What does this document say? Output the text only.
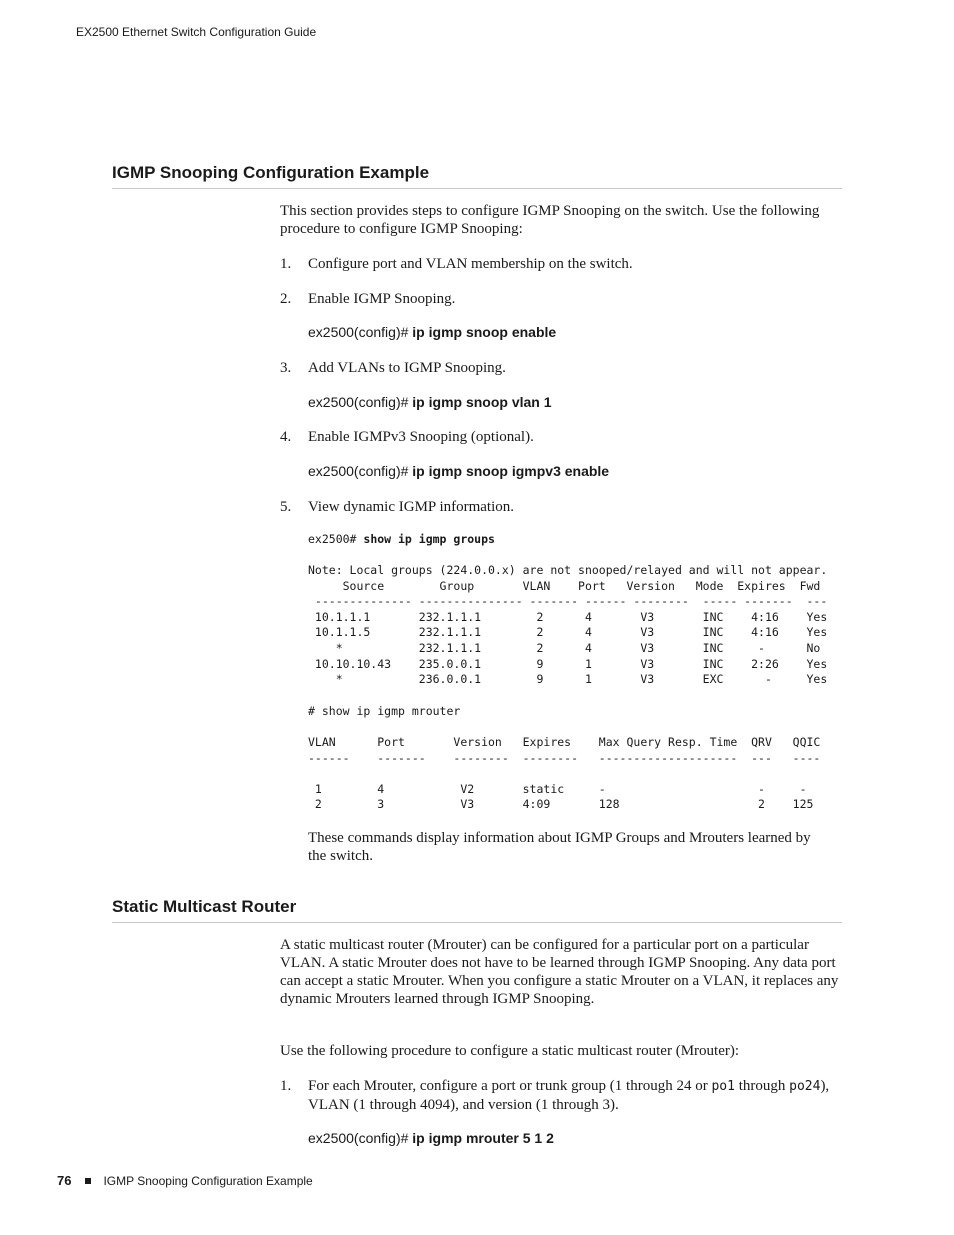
EX2500 Ethernet Switch Configuration Guide
IGMP Snooping Configuration Example

This section provides steps to configure IGMP Snooping on the switch. Use the following procedure to configure IGMP Snooping:

1. Configure port and VLAN membership on the switch.
2. Enable IGMP Snooping.
ex2500(config)# ip igmp snoop enable
3. Add VLANs to IGMP Snooping.
ex2500(config)# ip igmp snoop vlan 1
4. Enable IGMPv3 Snooping (optional).
ex2500(config)# ip igmp snoop igmpv3 enable
5. View dynamic IGMP information.
ex2500# show ip igmp groups
Note: Local groups (224.0.0.x) are not snooped/relayed and will not appear.
Source        Group       VLAN    Port   Version   Mode  Expires  Fwd
-------------- --------------- ------- ------ --------  ----- -------  ---
10.1.1.1       232.1.1.1        2      4       V3       INC    4:16    Yes
10.1.1.5       232.1.1.1        2      4       V3       INC    4:16    Yes
*           232.1.1.1        2      4       V3       INC     -      No
10.10.10.43    235.0.0.1        9      1       V3       INC    2:26    Yes
*           236.0.0.1        9      1       V3       EXC      -     Yes
# show ip igmp mrouter
VLAN      Port       Version   Expires    Max Query Resp. Time  QRV   QQIC
------    -------    --------  --------   --------------------  ---   ----

1        4           V2       static     -                      -     -
2        3           V3       4:09       128                    2    125

These commands display information about IGMP Groups and Mrouters learned by the switch.

Static Multicast Router

A static multicast router (Mrouter) can be configured for a particular port on a particular VLAN. A static Mrouter does not have to be learned through IGMP Snooping. Any data port can accept a static Mrouter. When you configure a static Mrouter on a VLAN, it replaces any dynamic Mrouters learned through IGMP Snooping.

Use the following procedure to configure a static multicast router (Mrouter):

1. For each Mrouter, configure a port or trunk group (1 through 24 or po1 through po24), VLAN (1 through 4094), and version (1 through 3).
ex2500(config)# ip igmp mrouter 5 1 2
76	IGMP Snooping Configuration Example
